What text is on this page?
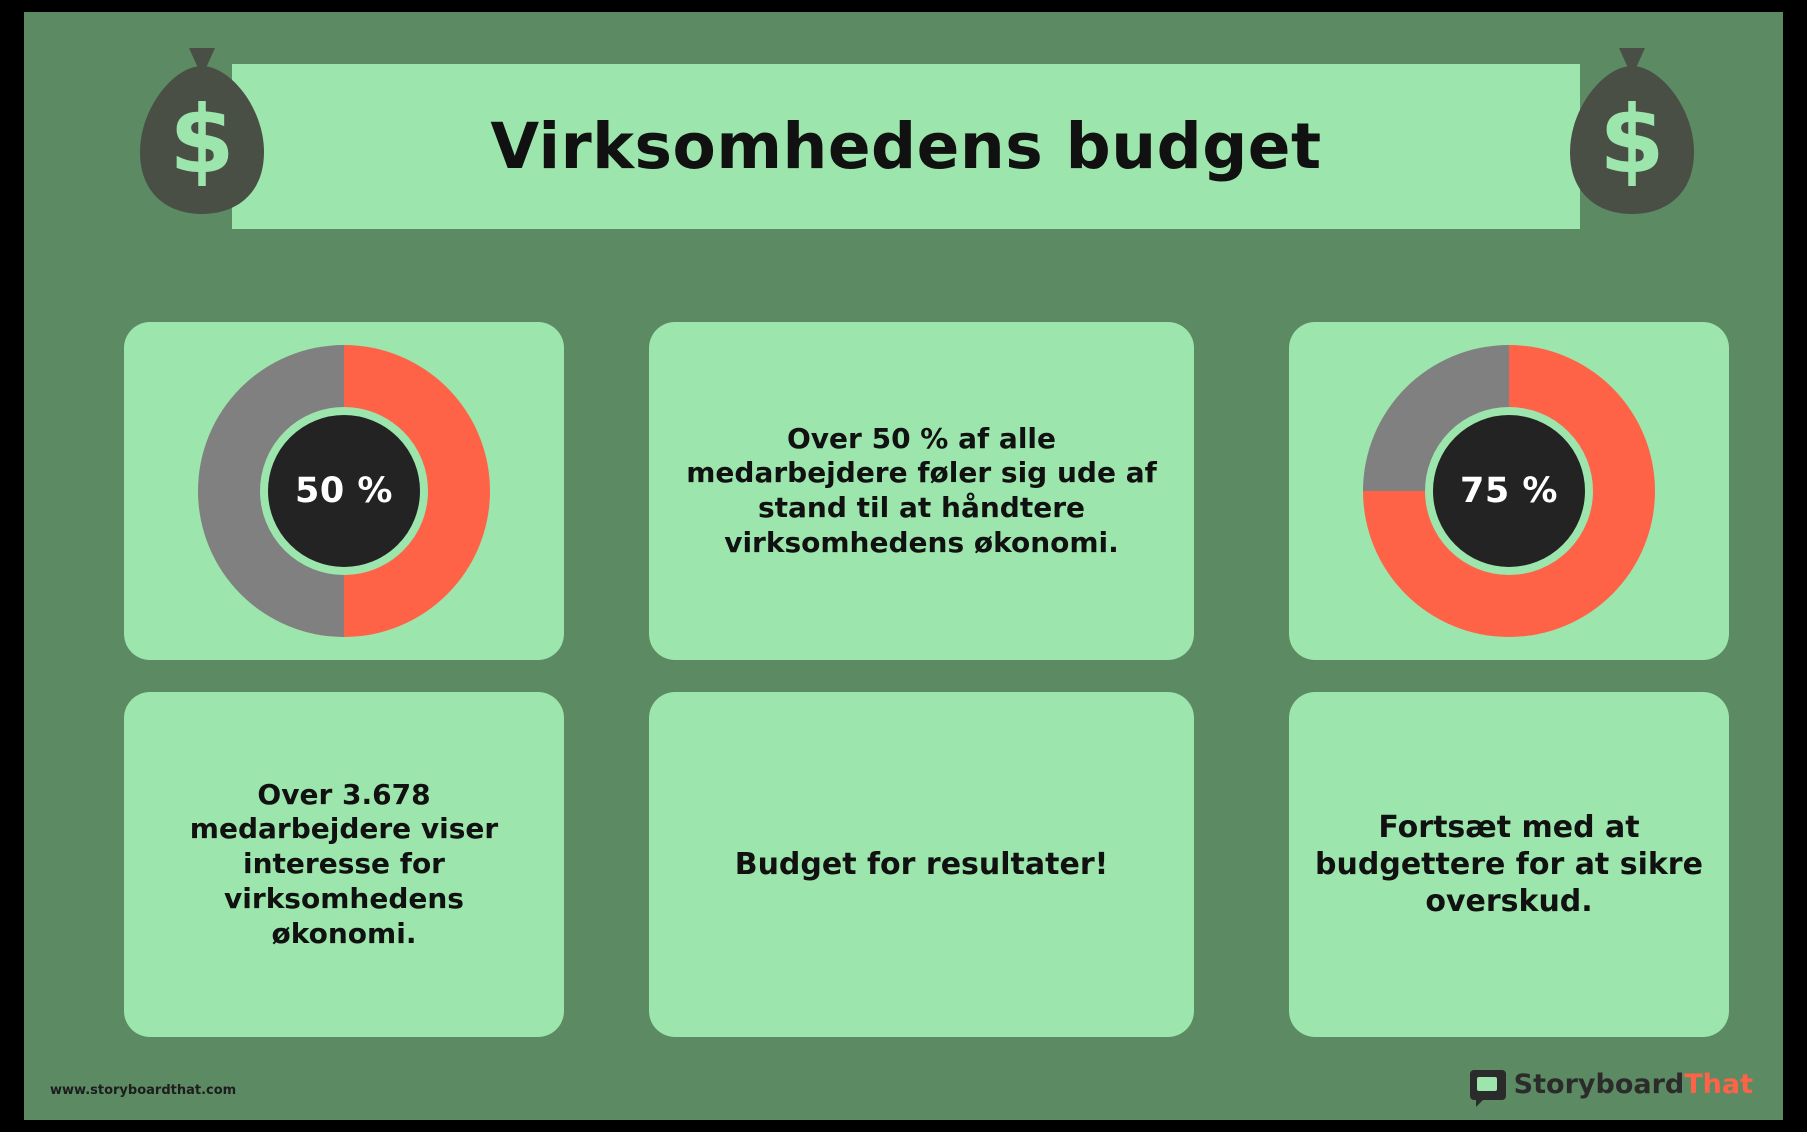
$	$
Virksomhedens budget
50 %
Over 50 % af alle medarbejdere føler sig ude af stand til at håndtere virksomhedens økonomi.
75 %
Over 3.678 medarbejdere viser interesse for virksomhedens økonomi.
Budget for resultater!
Fortsæt med at budgettere for at sikre overskud.
www.storyboardthat.com	StoryboardThat
